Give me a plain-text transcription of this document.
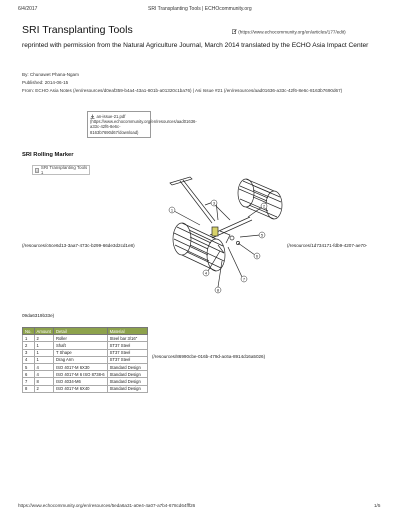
6/4/2017	SRI Transplanting Tools | ECHOcommunity.org
SRI Transplanting Tools	(https://www.echocommunity.org/en/articles/177/edit)
reprinted with permission from the Natural Agriculture Journal, March 2014 translated by the ECHO Asia Impact Center
By: Chunawet Phana-Ngam
Published: 2014-06-15
From: ECHO Asia Notes (/en/resources/d0eaf359-b4a4-43a1-801b-a01320c1ba76) | Asi Issue #21 (/en/resources/aad01636-a33c-42f6-8e6c-8163b7690d67)
an-issue-21.pdf
(https://www.echocommunity.org/en/resources/aad01636-
a33c-42f6-8e6c-8163b7690d67/download)
SRI Rolling Marker
SRI Transplanting Tools 1
1
2
3
4
5
6
7
8
(/resources/c6ce6d13-3aa7-473c-b299-66de3d2cd1e8)	(/resources/1d734171-fdb9-4207-ae70-
09da6319b33e)
No.	Amount	Detail	Material
1	2	Roller	Steel bar 3/16"
2	1	Shaft	ST37 Steel
3	1	T Shape	ST37 Steel
4	1	Drag Arm	ST37 Steel
5	4	ISO 4017-M 6X30	Standard Design
6	4	ISO 4017-M 6 ISO 8738-6	Standard Design
7	8	ISO 4034-M6	Standard Design
8	2	ISO 4017-M 6X40	Standard Design
(/resources/86990cbe-016b-479d-ac6a-8914d16a5026)
https://www.echocommunity.org/en/resources/5eda6a31-a0e4-4a07-a7b4-678cd64fff26	1/5
